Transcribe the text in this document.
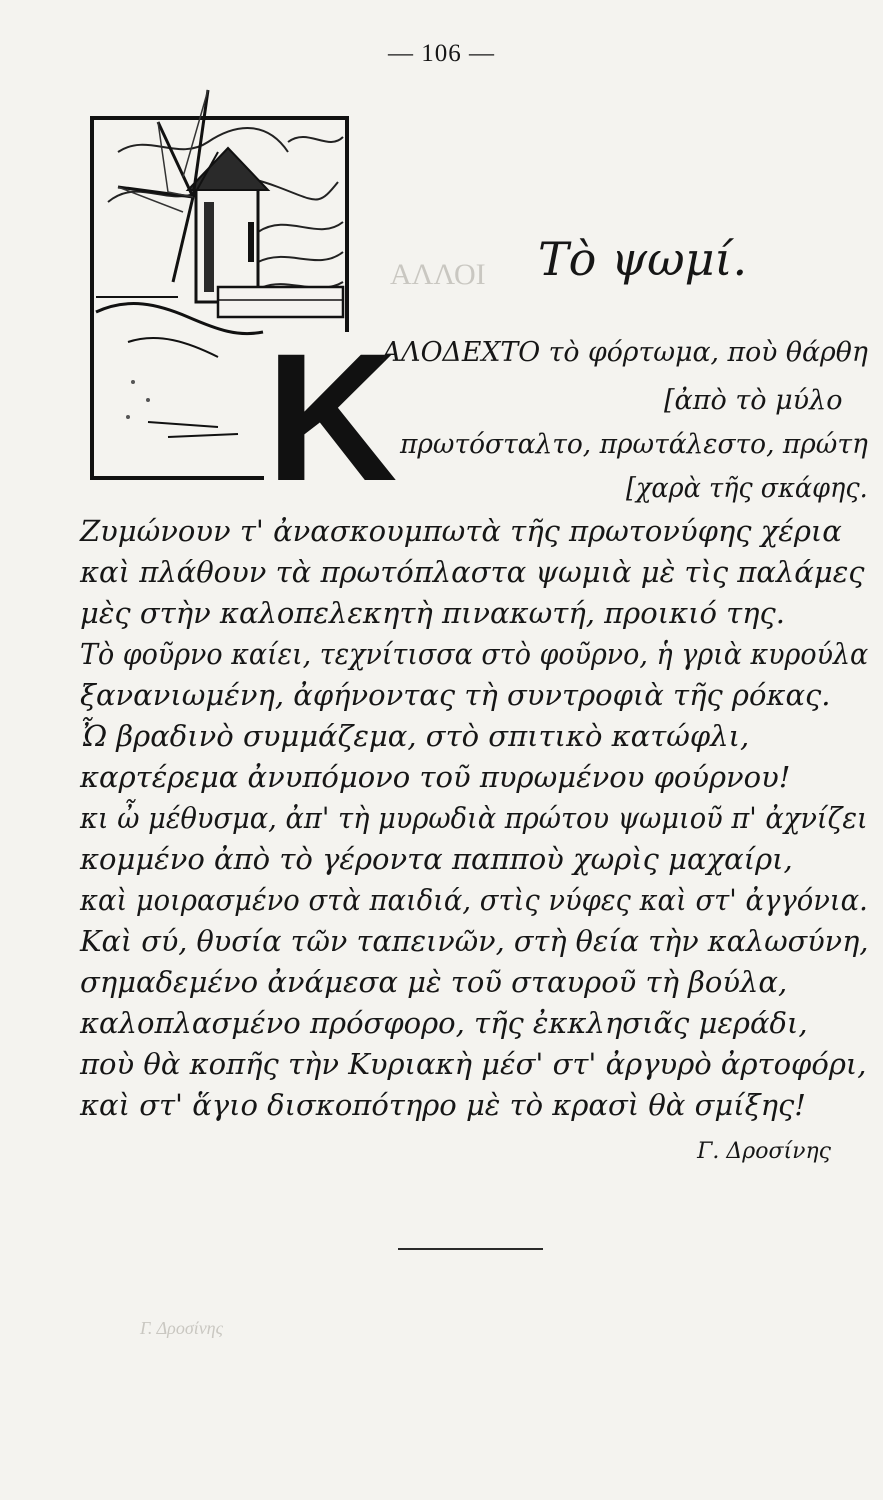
ΑΛΛΟΙ
Γ. Δροσίνης
— 106 —
K
Τὸ ψωμί.
ΑΛΟΔΕΧΤΟ τὸ φόρτωμα, ποὺ θάρθη
[ἀπὸ τὸ μύλο
πρωτόσταλτο, πρωτάλεστο, πρώτη
[χαρὰ τῆς σκάφης.
Ζυμώνουν τ' ἀνασκουμπωτὰ τῆς πρωτονύφης χέρια
καὶ πλάθουν τὰ πρωτόπλαστα ψωμιὰ μὲ τὶς παλάμες
μὲς στὴν καλοπελεκητὴ πινακωτή, προικιό της.
Τὸ φοῦρνο καίει, τεχνίτισσα στὸ φοῦρνο, ἡ γριὰ κυρούλα
ξανανιωμένη, ἀφήνοντας τὴ συντροφιὰ τῆς ρόκας.
Ὦ βραδινὸ συμμάζεμα, στὸ σπιτικὸ κατώφλι,
καρτέρεμα ἀνυπόμονο τοῦ πυρωμένου φούρνου!
κι ὦ μέθυσμα, ἀπ' τὴ μυρωδιὰ πρώτου ψωμιοῦ π' ἀχνίζει
κομμένο ἀπὸ τὸ γέροντα παπποὺ χωρὶς μαχαίρι,
καὶ μοιρασμένο στὰ παιδιά, στὶς νύφες καὶ στ' ἀγγόνια.
Καὶ σύ, θυσία τῶν ταπεινῶν, στὴ θεία τὴν καλωσύνη,
σημαδεμένο ἀνάμεσα μὲ τοῦ σταυροῦ τὴ βούλα,
καλοπλασμένο πρόσφορο, τῆς ἐκκλησιᾶς μεράδι,
ποὺ θὰ κοπῆς τὴν Κυριακὴ μέσ' στ' ἀργυρὸ ἀρτοφόρι,
καὶ στ' ἅγιο δισκοπότηρο μὲ τὸ κρασὶ θὰ σμίξης!
Γ. Δροσίνης
